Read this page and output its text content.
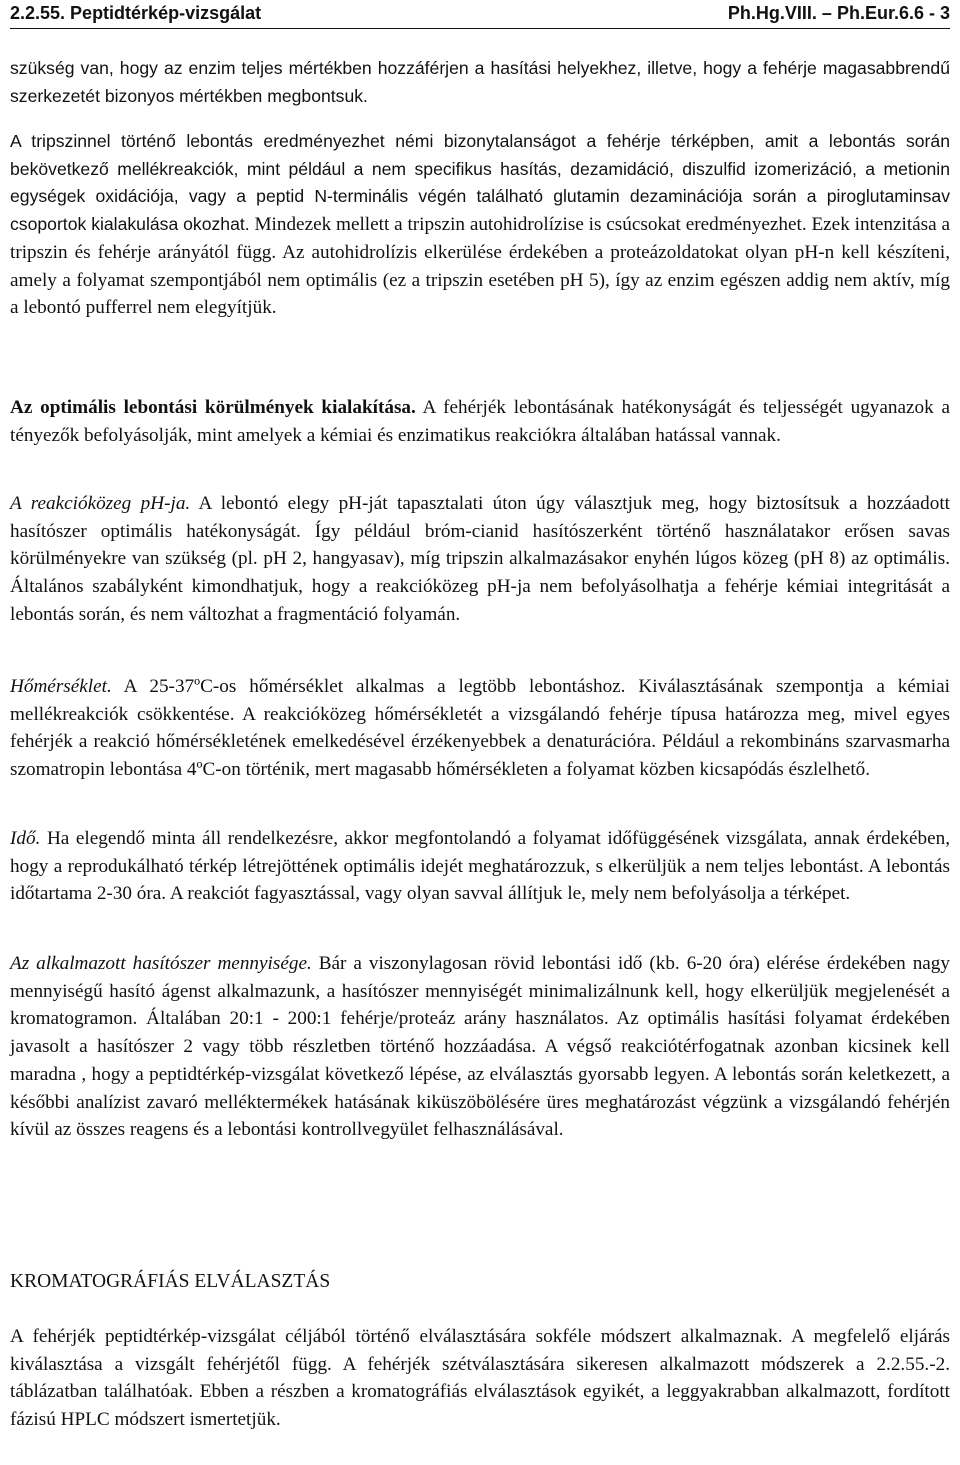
2.2.55. Peptidtérkép-vizsgálat	Ph.Hg.VIII. – Ph.Eur.6.6 - 3

szükség van, hogy az enzim teljes mértékben hozzáférjen a hasítási helyekhez, illetve, hogy a fehérje magasabbrendű szerkezetét bizonyos mértékben megbontsuk.

A tripszinnel történő lebontás eredményezhet némi bizonytalanságot a fehérje térképben, amit a lebontás során bekövetkező mellékreakciók, mint például a nem specifikus hasítás, dezamidáció, diszulfid izomerizáció, a metionin egységek oxidációja, vagy a peptid N-terminális végén található glutamin dezaminációja során a piroglutaminsav csoportok kialakulása okozhat. Mindezek mellett a tripszin autohidrolízise is csúcsokat eredményezhet. Ezek intenzitása a tripszin és fehérje arányától függ. Az autohidrolízis elkerülése érdekében a proteázoldatokat olyan pH-n kell készíteni, amely a folyamat szempontjából nem optimális (ez a tripszin esetében pH 5), így az enzim egészen addig nem aktív, míg a lebontó pufferrel nem elegyítjük.

Az optimális lebontási körülmények kialakítása. A fehérjék lebontásának hatékonyságát és teljességét ugyanazok a tényezők befolyásolják, mint amelyek a kémiai és enzimatikus reakciókra általában hatással vannak.

A reakcióközeg pH-ja. A lebontó elegy pH-ját tapasztalati úton úgy választjuk meg, hogy biztosítsuk a hozzáadott hasítószer optimális hatékonyságát. Így például bróm-cianid hasítószerként történő használatakor erősen savas körülményekre van szükség (pl. pH 2, hangyasav), míg tripszin alkalmazásakor enyhén lúgos közeg (pH 8) az optimális. Általános szabályként kimondhatjuk, hogy a reakcióközeg pH-ja nem befolyásolhatja a fehérje kémiai integritását a lebontás során, és nem változhat a fragmentáció folyamán.

Hőmérséklet. A 25-37ºC-os hőmérséklet alkalmas a legtöbb lebontáshoz. Kiválasztásának szempontja a kémiai mellékreakciók csökkentése. A reakcióközeg hőmérsékletét a vizsgálandó fehérje típusa határozza meg, mivel egyes fehérjék a reakció hőmérsékletének emelkedésével érzékenyebbek a denaturációra. Például a rekombináns szarvasmarha szomatropin lebontása 4ºC-on történik, mert magasabb hőmérsékleten a folyamat közben kicsapódás észlelhető.

Idő. Ha elegendő minta áll rendelkezésre, akkor megfontolandó a folyamat időfüggésének vizsgálata, annak érdekében, hogy a reprodukálható térkép létrejöttének optimális idejét meghatározzuk, s elkerüljük a nem teljes lebontást. A lebontás időtartama 2-30 óra. A reakciót fagyasztással, vagy olyan savval állítjuk le, mely nem befolyásolja a térképet.

Az alkalmazott hasítószer mennyisége. Bár a viszonylagosan rövid lebontási idő (kb. 6-20 óra) elérése érdekében nagy mennyiségű hasító ágenst alkalmazunk, a hasítószer mennyiségét minimalizálnunk kell, hogy elkerüljük megjelenését a kromatogramon. Általában 20:1 - 200:1 fehérje/proteáz arány használatos. Az optimális hasítási folyamat érdekében javasolt a hasítószer 2 vagy több részletben történő hozzáadása. A végső reakciótérfogatnak azonban kicsinek kell maradna , hogy a peptidtérkép-vizsgálat következő lépése, az elválasztás gyorsabb legyen. A lebontás során keletkezett, a későbbi analízist zavaró melléktermékek hatásának kiküszöbölésére üres meghatározást végzünk a vizsgálandó fehérjén kívül az összes reagens és a lebontási kontrollvegyület felhasználásával.

KROMATOGRÁFIÁS ELVÁLASZTÁS

A fehérjék peptidtérkép-vizsgálat céljából történő elválasztására sokféle módszert alkalmaznak. A megfelelő eljárás kiválasztása a vizsgált fehérjétől függ. A fehérjék szétválasztására sikeresen alkalmazott módszerek a 2.2.55.-2. táblázatban találhatóak. Ebben a részben a kromatográfiás elválasztások egyikét, a leggyakrabban alkalmazott, fordított fázisú HPLC módszert ismertetjük.
